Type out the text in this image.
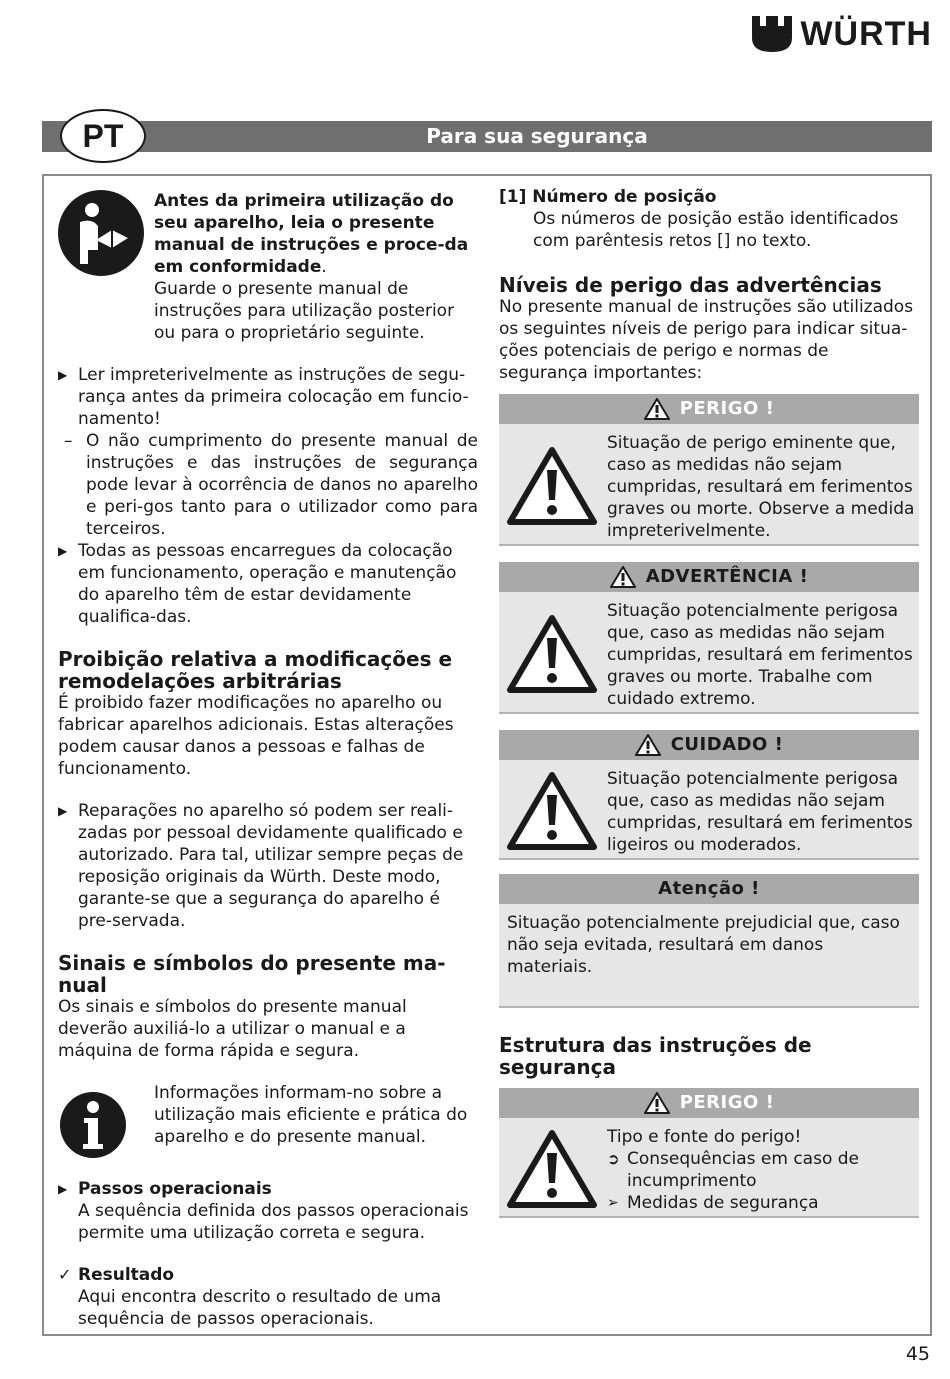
WÜRTH
Para sua segurança
PT

Antes da primeira utilização do seu aparelho, leia o presente manual de instruções e proce-da em conformidade.

Guarde o presente manual de instruções para utilização posterior ou para o proprietário seguinte.

▶ Ler impreterivelmente as instruções de segu-rança antes da primeira colocação em funcio-namento!
– O não cumprimento do presente manual de instruções e das instruções de segurança pode levar à ocorrência de danos no aparelho e peri-gos tanto para o utilizador como para terceiros.
▶ Todas as pessoas encarregues da colocação em funcionamento, operação e manutenção do aparelho têm de estar devidamente qualifica-das.
Proibição relativa a modificações e remodelações arbitrárias

É proibido fazer modificações no aparelho ou fabricar aparelhos adicionais. Estas alterações podem causar danos a pessoas e falhas de funcionamento.

▶ Reparações no aparelho só podem ser reali-zadas por pessoal devidamente qualificado e autorizado. Para tal, utilizar sempre peças de reposição originais da Würth. Deste modo, garante-se que a segurança do aparelho é pre-servada.
Sinais e símbolos do presente ma-nual

Os sinais e símbolos do presente manual deverão auxiliá-lo a utilizar o manual e a máquina de forma rápida e segura.

Informações informam-no sobre a utilização mais eficiente e prática do aparelho e do presente manual.

▶ Passos operacionais
A sequência definida dos passos operacionais permite uma utilização correta e segura.
✓ Resultado
Aqui encontra descrito o resultado de uma sequência de passos operacionais.
[1] Número de posição

Os números de posição estão identificados com parêntesis retos [] no texto.

Níveis de perigo das advertências

No presente manual de instruções são utilizados os seguintes níveis de perigo para indicar situa-ções potenciais de perigo e normas de segurança importantes:

PERIGO !

Situação de perigo eminente que, caso as medidas não sejam cumpridas, resultará em ferimentos graves ou morte. Observe a medida impreterivelmente.

ADVERTÊNCIA !

Situação potencialmente perigosa que, caso as medidas não sejam cumpridas, resultará em ferimentos graves ou morte. Trabalhe com cuidado extremo.

CUIDADO !

Situação potencialmente perigosa que, caso as medidas não sejam cumpridas, resultará em ferimentos ligeiros ou moderados.

Atenção !

Situação potencialmente prejudicial que, caso não seja evitada, resultará em danos materiais.

Estrutura das instruções de segurança
PERIGO !
Tipo e fonte do perigo!
➲ Consequências em caso de incumprimento
➢ Medidas de segurança
45
